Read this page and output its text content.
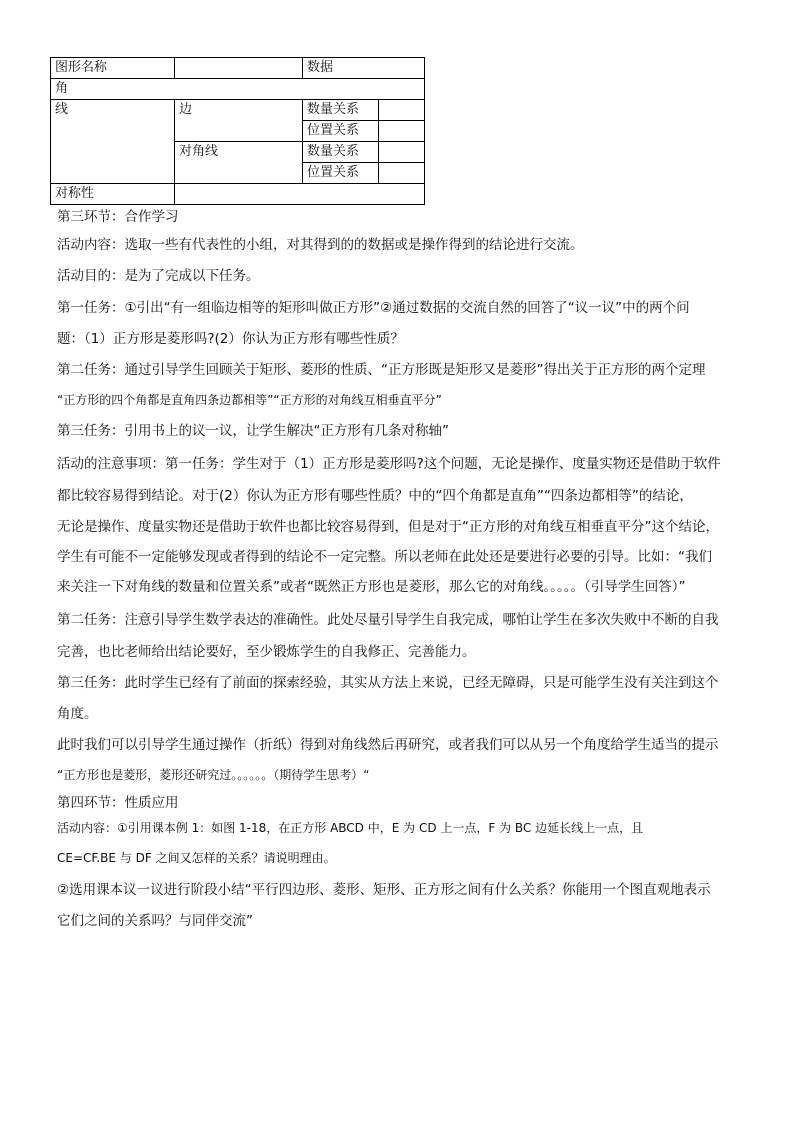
图形名称		数据	
角			
线	边	数量关系	
		位置关系	
	对角线	数量关系	
		位置关系	
对称性			
第三环节：合作学习
活动内容：选取一些有代表性的小组，对其得到的的数据或是操作得到的结论进行交流。
活动目的：是为了完成以下任务。
第一任务：①引出“有一组临边相等的矩形叫做正方形”②通过数据的交流自然的回答了“议一议”中的两个问
题：（1）正方形是菱形吗?(2）你认为正方形有哪些性质？
第二任务：通过引导学生回顾关于矩形、菱形的性质、“正方形既是矩形又是菱形”得出关于正方形的两个定理
“正方形的四个角都是直角四条边都相等”“正方形的对角线互相垂直平分”
第三任务：引用书上的议一议，让学生解决“正方形有几条对称轴”
活动的注意事项：第一任务：学生对于（1）正方形是菱形吗?这个问题，无论是操作、度量实物还是借助于软件
都比较容易得到结论。对于(2）你认为正方形有哪些性质？中的“四个角都是直角”“四条边都相等”的结论，
无论是操作、度量实物还是借助于软件也都比较容易得到，但是对于“正方形的对角线互相垂直平分”这个结论，
学生有可能不一定能够发现或者得到的结论不一定完整。所以老师在此处还是要进行必要的引导。比如：“我们
来关注一下对角线的数量和位置关系”或者“既然正方形也是菱形，那么它的对角线。。。。。（引导学生回答）”
第二任务：注意引导学生数学表达的准确性。此处尽量引导学生自我完成，哪怕让学生在多次失败中不断的自我
完善，也比老师给出结论要好，至少锻炼学生的自我修正、完善能力。
第三任务：此时学生已经有了前面的探索经验，其实从方法上来说，已经无障碍，只是可能学生没有关注到这个
角度。
此时我们可以引导学生通过操作（折纸）得到对角线然后再研究，或者我们可以从另一个角度给学生适当的提示
“正方形也是菱形，菱形还研究过。。。。。。（期待学生思考）“
第四环节：性质应用
活动内容：①引用课本例 1：如图 1-18，在正方形 ABCD 中，E 为 CD 上一点，F 为 BC 边延长线上一点，且
CE=CF.BE 与 DF 之间又怎样的关系？请说明理由。
②选用课本议一议进行阶段小结“平行四边形、菱形、矩形、正方形之间有什么关系？你能用一个图直观地表示
它们之间的关系吗？与同伴交流”
